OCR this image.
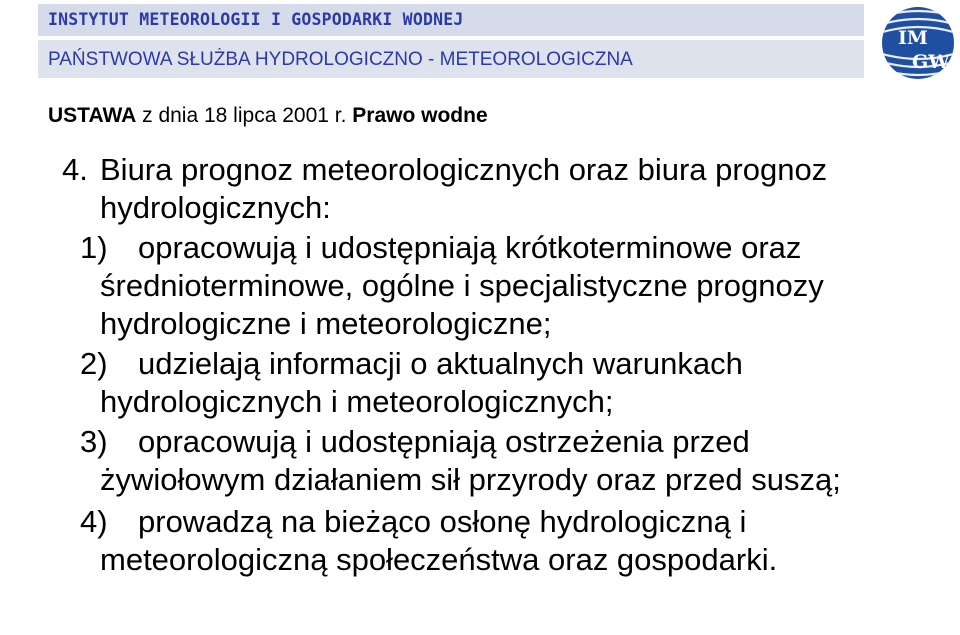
INSTYTUT METEOROLOGII I GOSPODARKI WODNEJ
PAŃSTWOWA SŁUŻBA HYDROLOGICZNO - METEOROLOGICZNA
IM
GW
USTAWA z dnia 18 lipca 2001 r. Prawo wodne
4. Biura prognoz meteorologicznych oraz biura prognoz
hydrologicznych:
1) opracowują i udostępniają krótkoterminowe oraz
średnioterminowe, ogólne i specjalistyczne prognozy
hydrologiczne i meteorologiczne;
2) udzielają informacji o aktualnych warunkach
hydrologicznych i meteorologicznych;
3) opracowują i udostępniają ostrzeżenia przed
żywiołowym działaniem sił przyrody oraz przed suszą;
4) prowadzą na bieżąco osłonę hydrologiczną i
meteorologiczną społeczeństwa oraz gospodarki.
